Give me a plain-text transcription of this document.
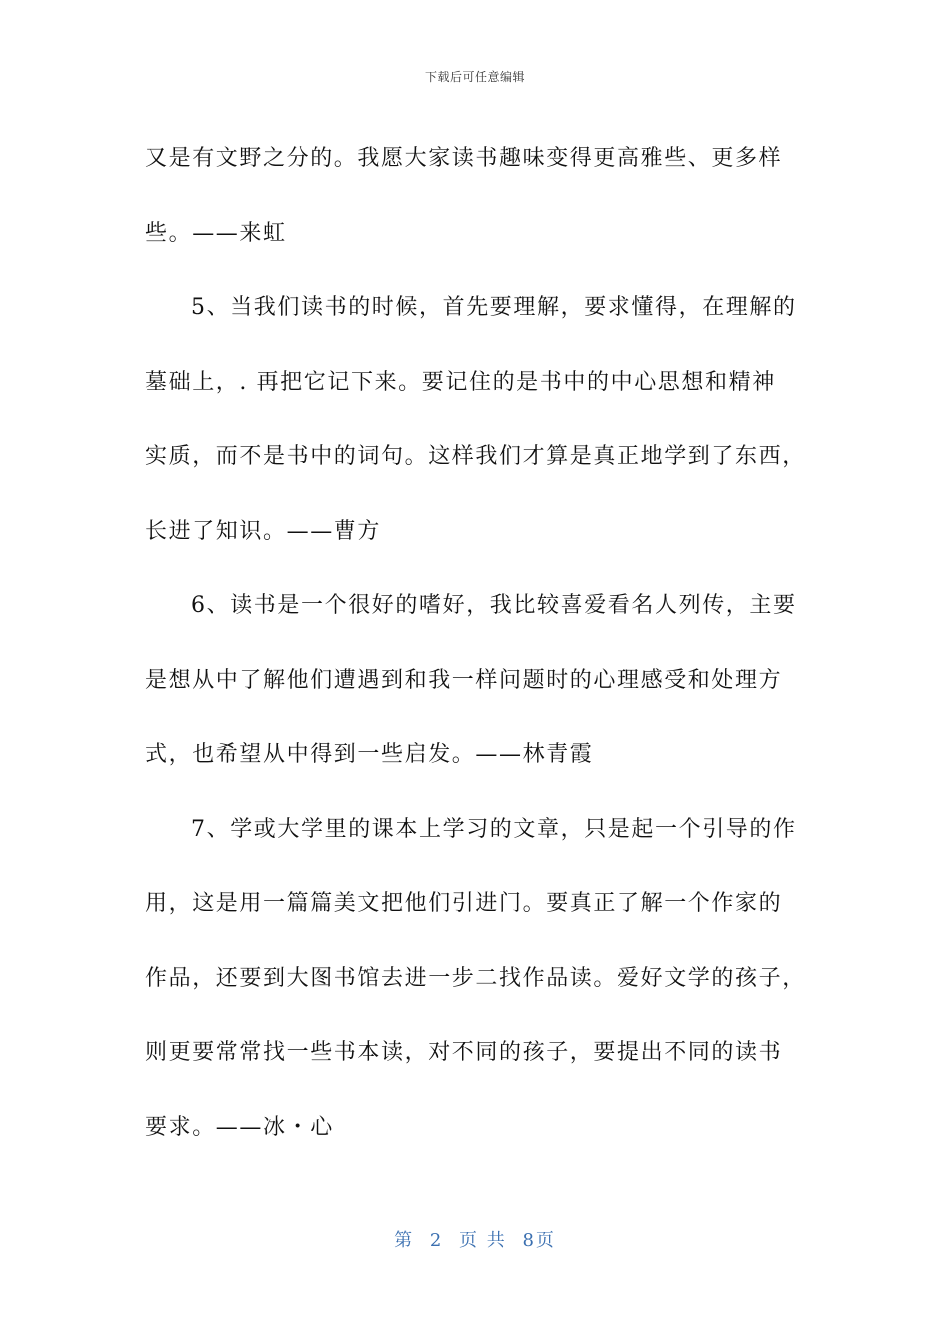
下载后可任意编辑
又是有文野之分的。我愿大家读书趣味变得更高雅些、更多样
些。——来虹
5、当我们读书的时候，首先要理解，要求懂得，在理解的
墓础上，. 再把它记下来。要记住的是书中的中心思想和精神
实质，而不是书中的词句。这样我们才算是真正地学到了东西，
长进了知识。——曹方
6、读书是一个很好的嗜好，我比较喜爱看名人列传，主要
是想从中了解他们遭遇到和我一样问题时的心理感受和处理方
式，也希望从中得到一些启发。——林青霞
7、学或大学里的课本上学习的文章，只是起一个引导的作
用，这是用一篇篇美文把他们引进门。要真正了解一个作家的
作品，还要到大图书馆去进一步二找作品读。爱好文学的孩子，
则更要常常找一些书本读，对不同的孩子，要提出不同的读书
要求。——冰・心
第 2 页 共 8页
